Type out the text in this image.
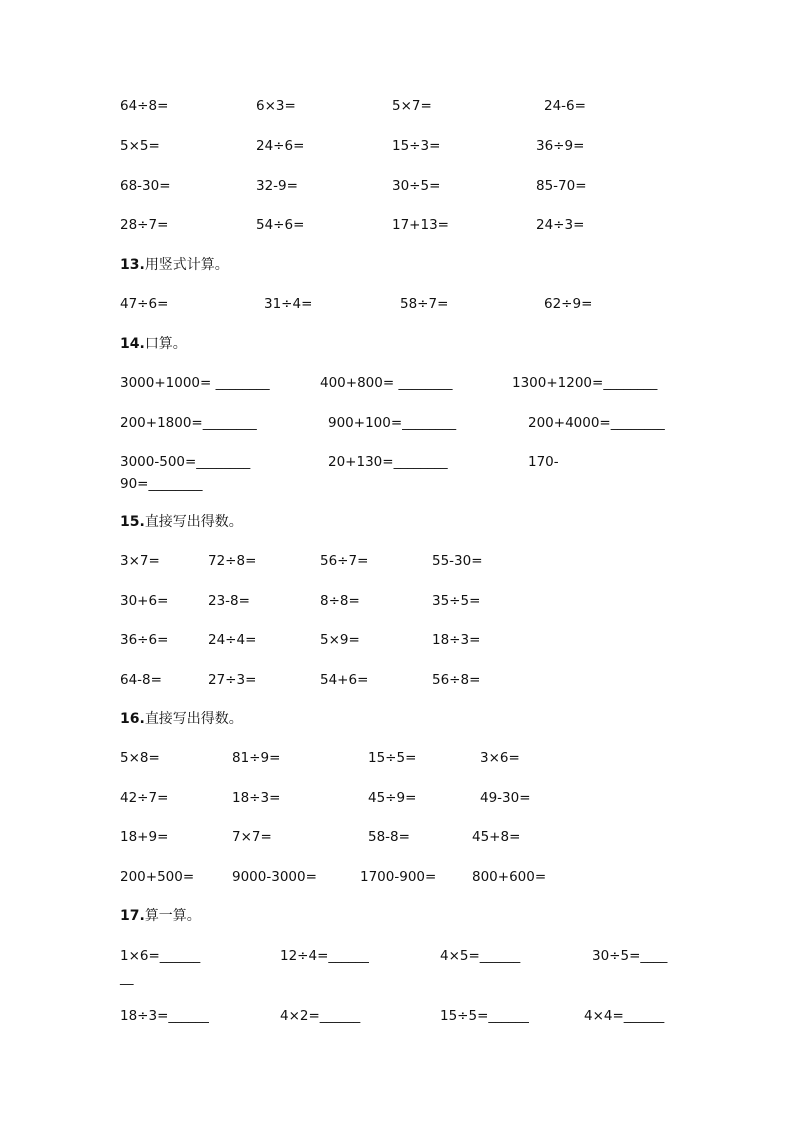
64÷8=	6×3=	5×7=	24-6=
5×5=	24÷6=	15÷3=	36÷9=
68-30=	32-9=	30÷5=	85-70=
28÷7=	54÷6=	17+13=	24÷3=
13.用竖式计算。
47÷6=	31÷4=	58÷7=	62÷9=
14.口算。
3000+1000= ________	400+800= ________	1300+1200=________
200+1800=________	900+100=________	200+4000=________
3000-500=________	20+130=________	170-
90=________
15.直接写出得数。
3×7=	72÷8=	56÷7=	55-30=
30+6=	23-8=	8÷8=	35÷5=
36÷6=	24÷4=	5×9=	18÷3=
64-8=	27÷3=	54+6=	56÷8=
16.直接写出得数。
5×8=	81÷9=	15÷5=	3×6=
42÷7=	18÷3=	45÷9=	49-30=
18+9=	7×7=	58-8=	45+8=
200+500=	9000-3000=	1700-900=	800+600=
17.算一算。
1×6=______	12÷4=______	4×5=______	30÷5=____
__
18÷3=______	4×2=______	15÷5=______	4×4=______
